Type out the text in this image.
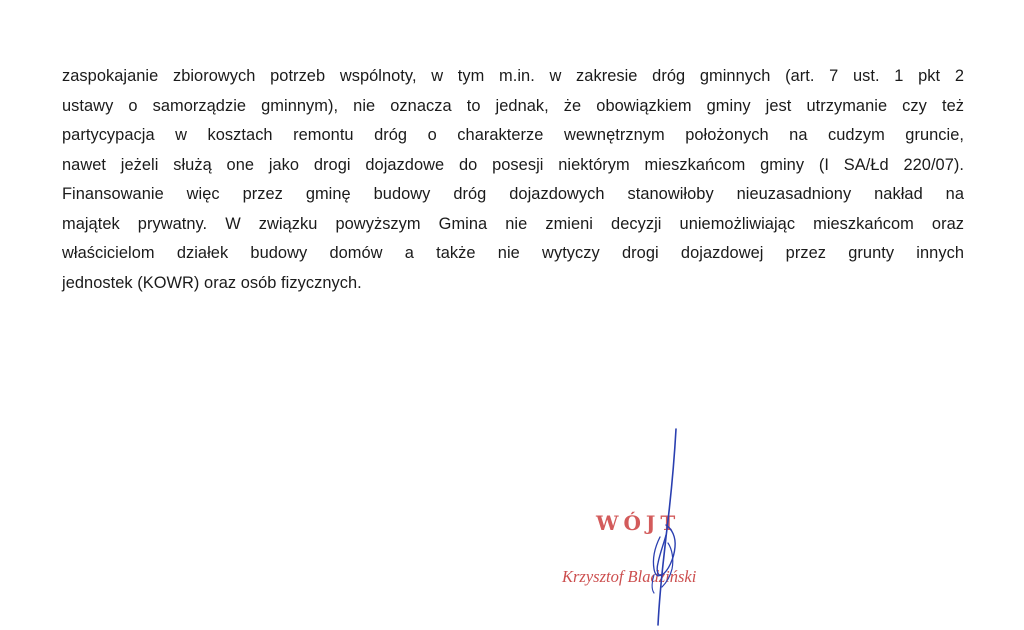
zaspokajanie zbiorowych potrzeb wspólnoty, w tym m.in. w zakresie dróg gminnych (art. 7 ust. 1 pkt 2
ustawy o samorządzie gminnym), nie oznacza to jednak, że obowiązkiem gminy jest utrzymanie czy też
partycypacja w kosztach remontu dróg o charakterze wewnętrznym położonych na cudzym gruncie,
nawet jeżeli służą one jako drogi dojazdowe do posesji niektórym mieszkańcom gminy (I SA/Łd 220/07).
Finansowanie więc przez gminę budowy dróg dojazdowych stanowiłoby nieuzasadniony nakład na
majątek prywatny. W związku powyższym Gmina nie zmieni decyzji uniemożliwiając mieszkańcom oraz
właścicielom działek budowy domów a także nie wytyczy drogi dojazdowej przez grunty innych
jednostek (KOWR) oraz osób fizycznych.
WÓJT
Krzysztof Bladziński
